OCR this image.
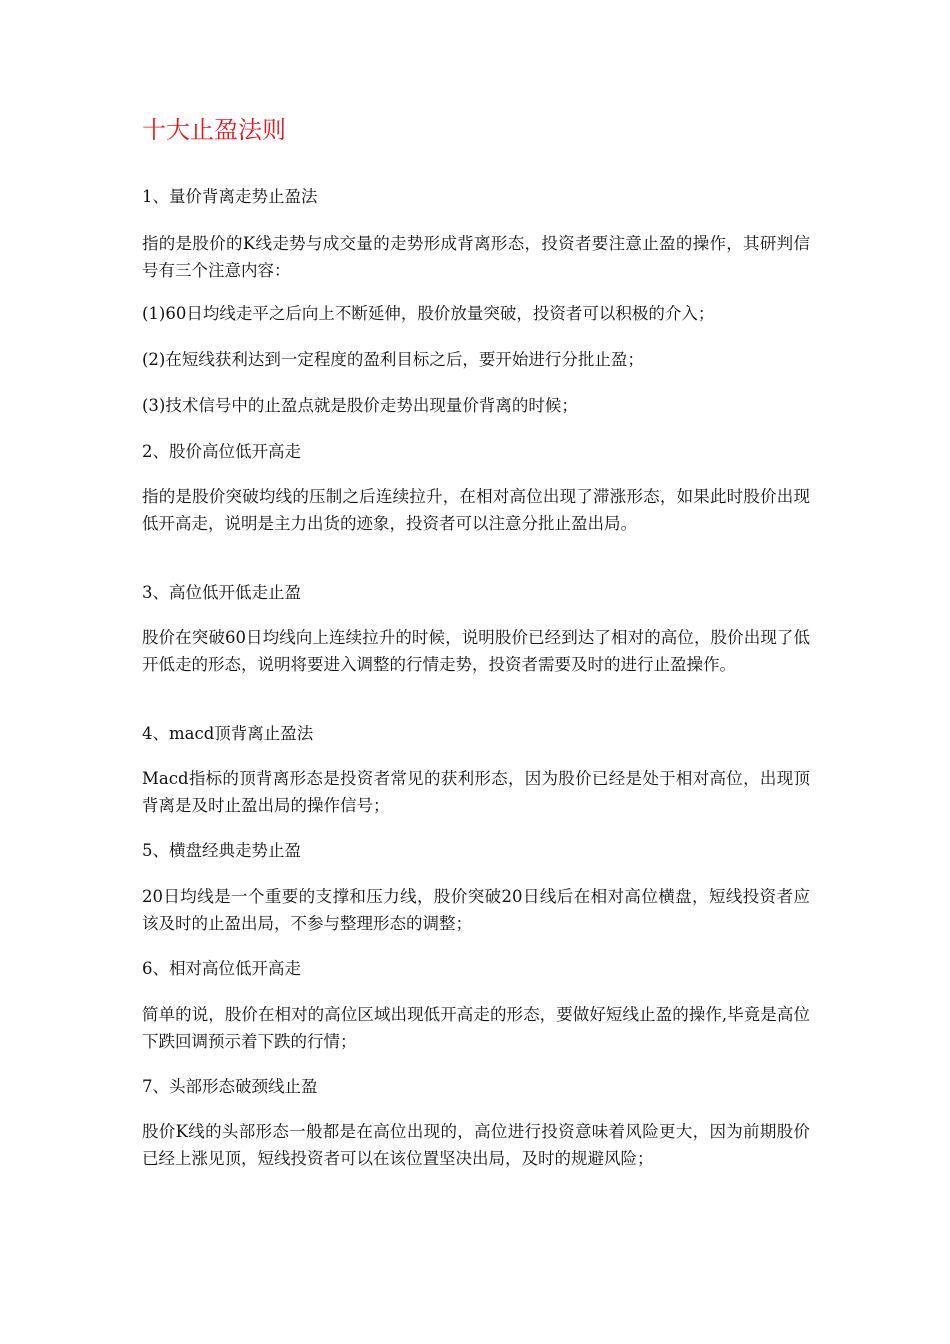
十大止盈法则

1、量价背离走势止盈法

指的是股价的K线走势与成交量的走势形成背离形态，投资者要注意止盈的操作，其研判信号有三个注意内容：

(1)60日均线走平之后向上不断延伸，股价放量突破，投资者可以积极的介入；

(2)在短线获利达到一定程度的盈利目标之后，要开始进行分批止盈；

(3)技术信号中的止盈点就是股价走势出现量价背离的时候；

2、股价高位低开高走

指的是股价突破均线的压制之后连续拉升，在相对高位出现了滞涨形态，如果此时股价出现低开高走，说明是主力出货的迹象，投资者可以注意分批止盈出局。

3、高位低开低走止盈

股价在突破60日均线向上连续拉升的时候，说明股价已经到达了相对的高位，股价出现了低开低走的形态，说明将要进入调整的行情走势，投资者需要及时的进行止盈操作。

4、macd顶背离止盈法

Macd指标的顶背离形态是投资者常见的获利形态，因为股价已经是处于相对高位，出现顶背离是及时止盈出局的操作信号；

5、横盘经典走势止盈

20日均线是一个重要的支撑和压力线，股价突破20日线后在相对高位横盘，短线投资者应该及时的止盈出局，不参与整理形态的调整；

6、相对高位低开高走

简单的说，股价在相对的高位区域出现低开高走的形态，要做好短线止盈的操作,毕竟是高位下跌回调预示着下跌的行情；

7、头部形态破颈线止盈

股价K线的头部形态一般都是在高位出现的，高位进行投资意味着风险更大，因为前期股价已经上涨见顶，短线投资者可以在该位置坚决出局，及时的规避风险；
